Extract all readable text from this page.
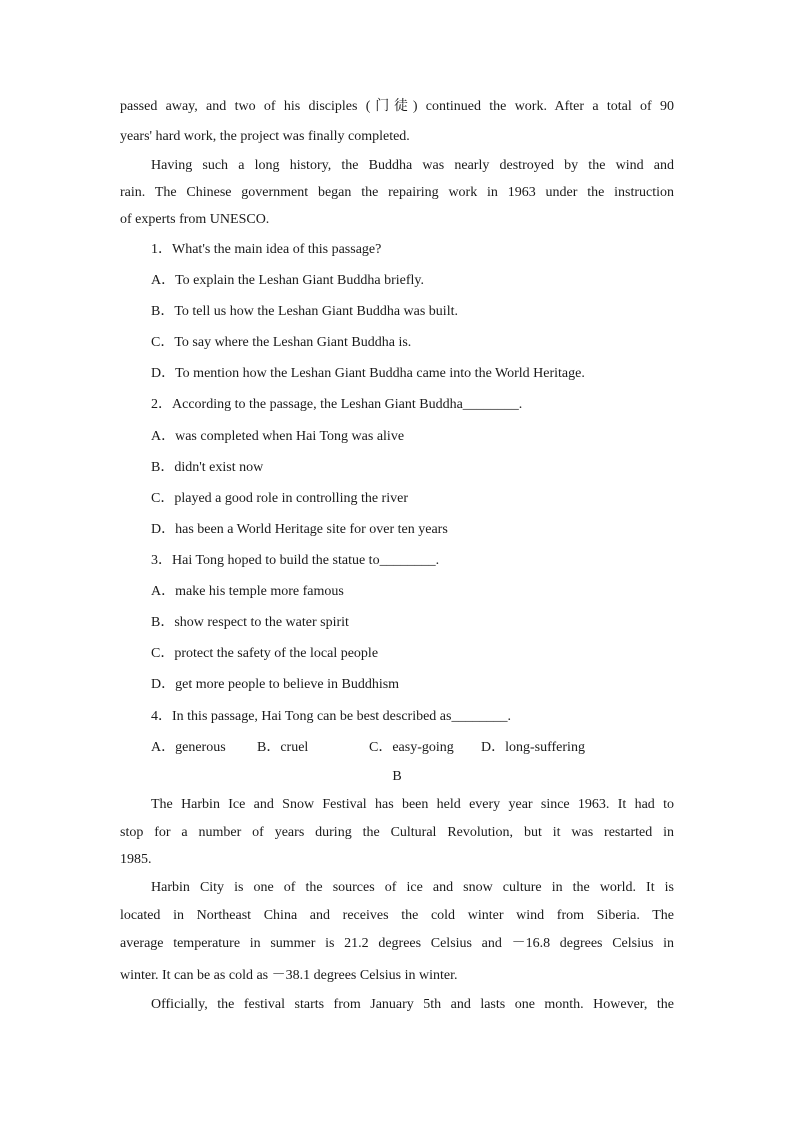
passed away, and two of his disciples (门徒) continued the work. After a total of 90
years' hard work, the project was finally completed.
Having such a long history, the Buddha was nearly destroyed by the wind and
rain. The Chinese government began the repairing work in 1963 under the instruction
of experts from UNESCO.
1．What's the main idea of this passage?
A．To explain the Leshan Giant Buddha briefly.
B．To tell us how the Leshan Giant Buddha was built.
C．To say where the Leshan Giant Buddha is.
D．To mention how the Leshan Giant Buddha came into the World Heritage.
2．According to the passage, the Leshan Giant Buddha________.
A．was completed when Hai Tong was alive
B．didn't exist now
C．played a good role in controlling the river
D．has been a World Heritage site for over ten years
3．Hai Tong hoped to build the statue to________.
A．make his temple more famous
B．show respect to the water spirit
C．protect the safety of the local people
D．get more people to believe in Buddhism
4．In this passage, Hai Tong can be best described as________.
A．generous B．cruel	C．easy-going D．long-suffering
B
The Harbin Ice and Snow Festival has been held every year since 1963. It had to
stop for a number of years during the Cultural Revolution, but it was restarted in
1985.
Harbin City is one of the sources of ice and snow culture in the world. It is
located in Northeast China and receives the cold winter wind from Siberia. The
average temperature in summer is 21.2 degrees Celsius and －16.8 degrees Celsius in
winter. It can be as cold as －38.1 degrees Celsius in winter.
Officially, the festival starts from January 5th and lasts one month. However, the
